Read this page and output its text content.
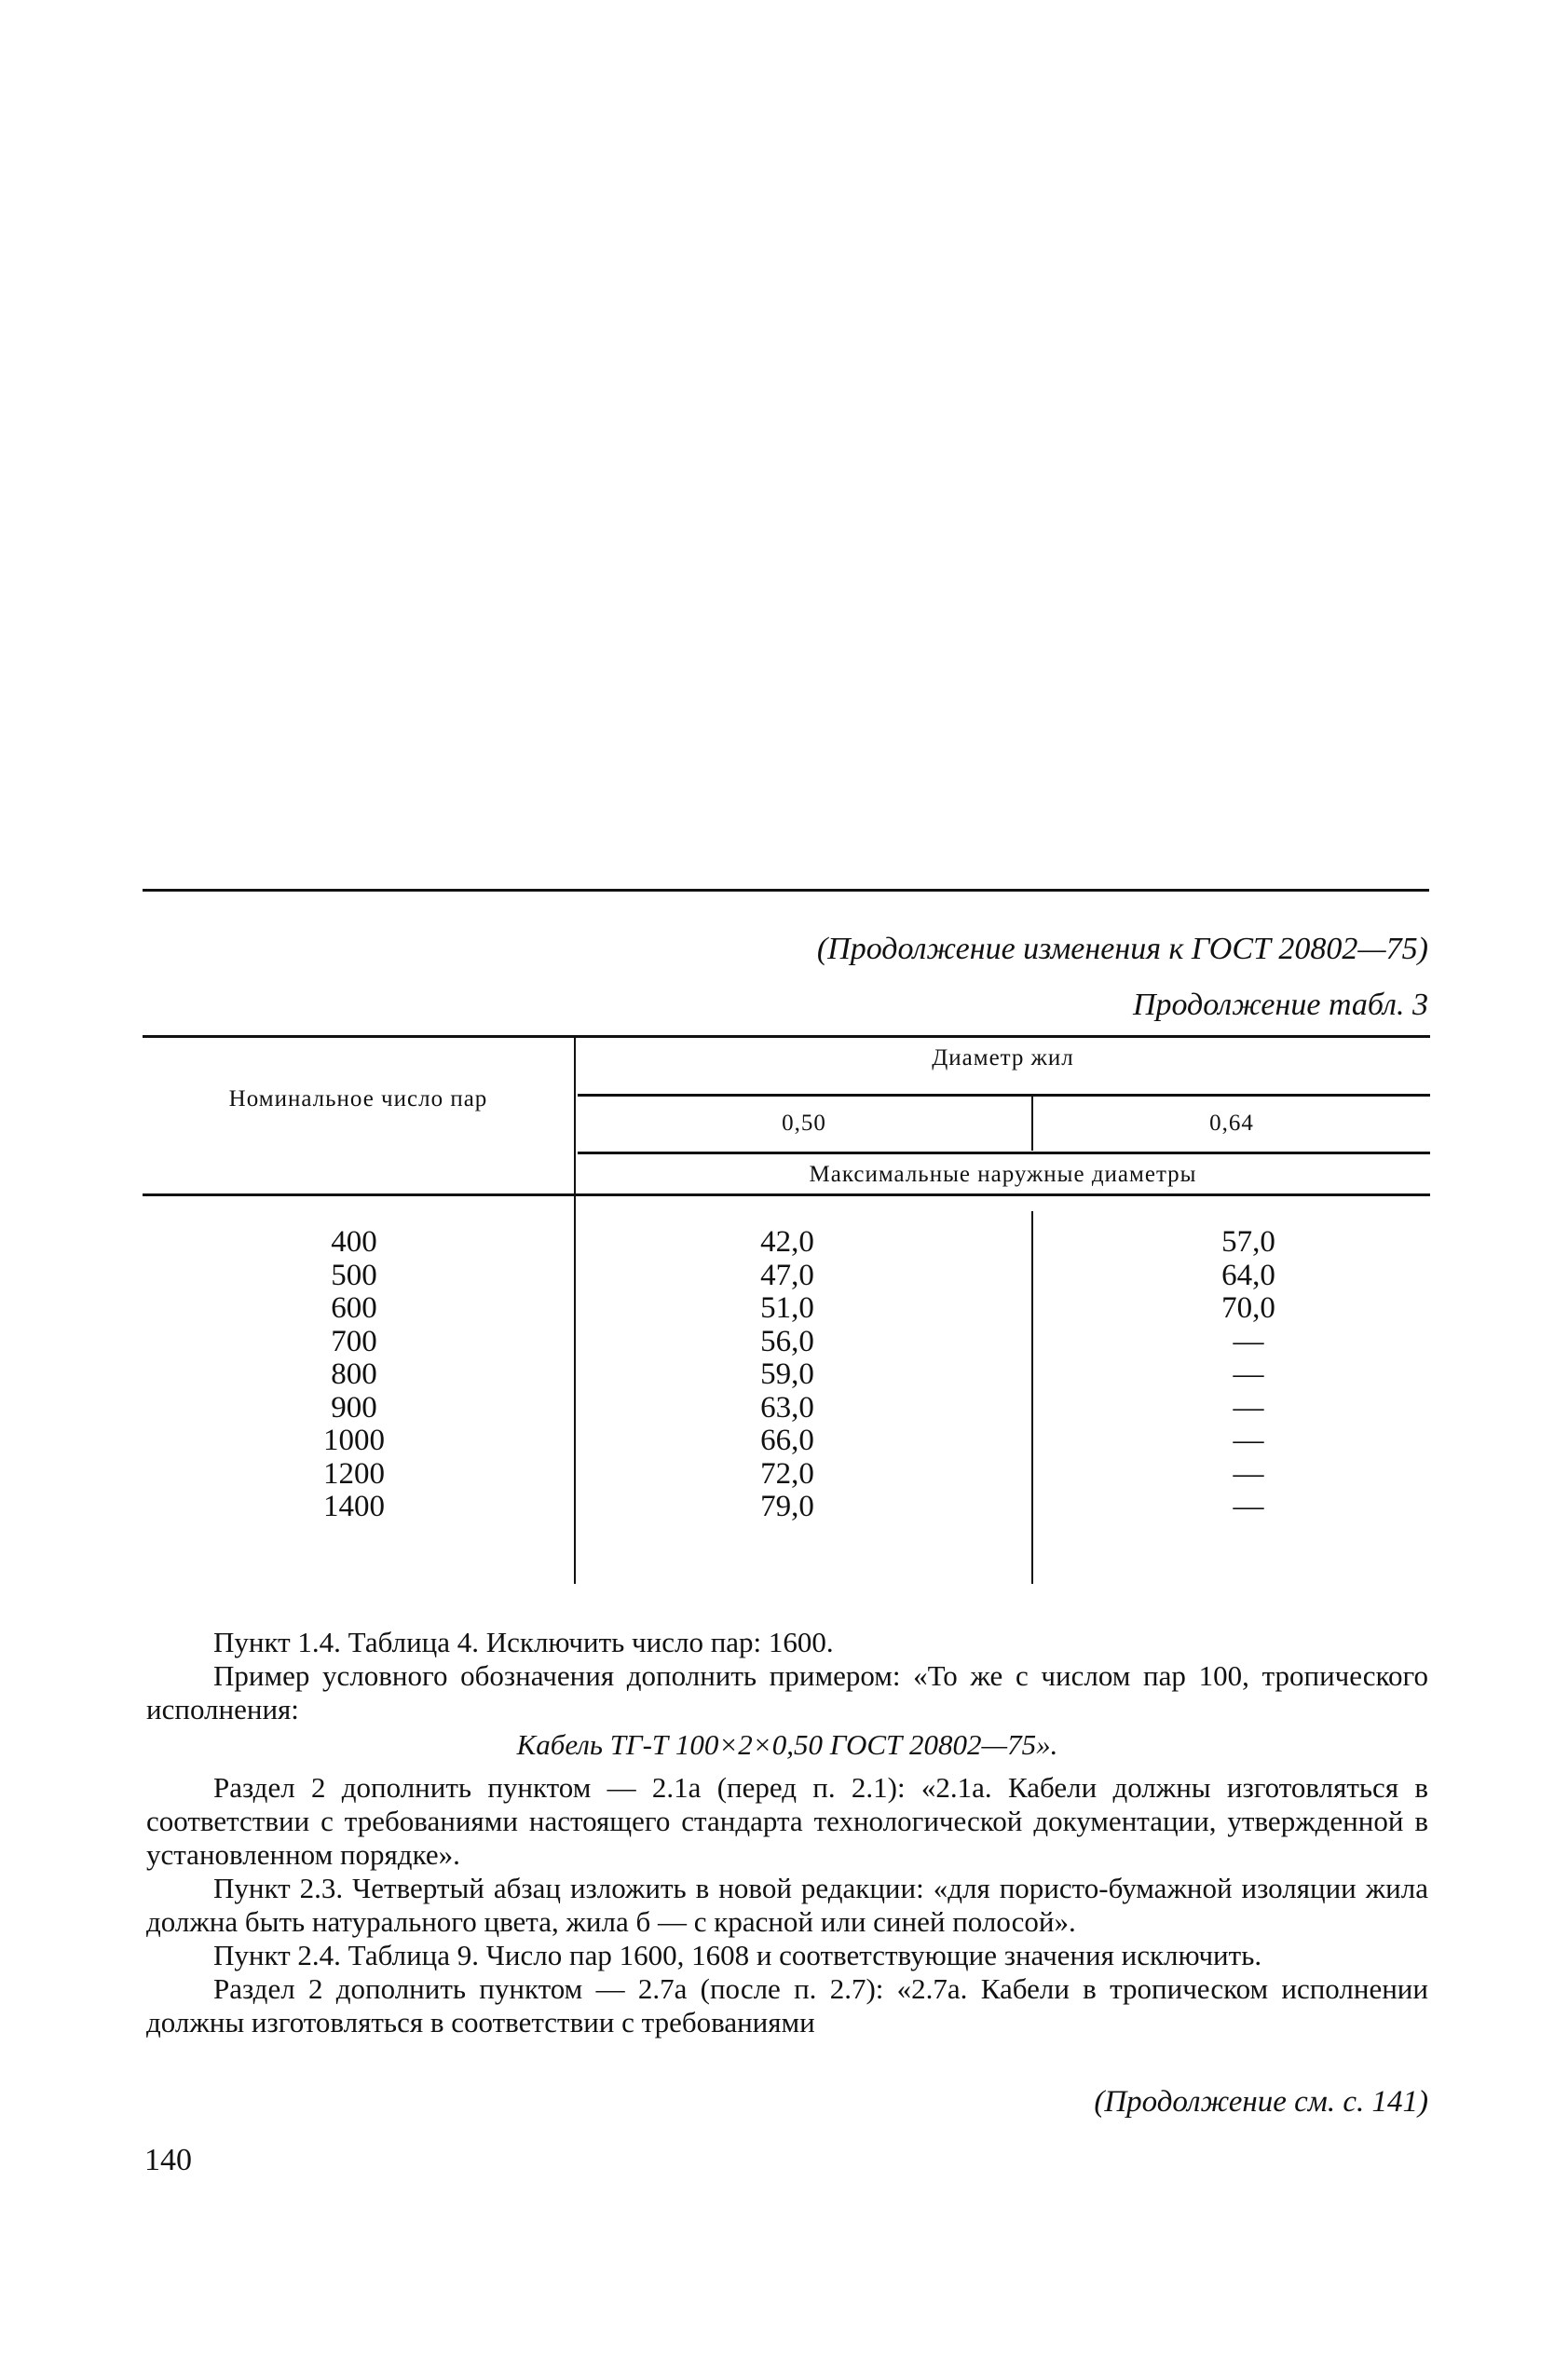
(Продолжение изменения к ГОСТ 20802—75)
Продолжение табл. 3
Номинальное число пар
Диаметр жил
0,50	0,64
Максимальные наружные диаметры
400
500
600
700
800
900
1000
1200
1400
42,0
47,0
51,0
56,0
59,0
63,0
66,0
72,0
79,0
57,0
64,0
70,0
—
—
—
—
—
—

Пункт 1.4. Таблица 4. Исключить число пар: 1600.

Пример условного обозначения дополнить примером: «То же с числом пар 100, тропического исполнения:

Кабель ТГ-Т 100×2×0,50 ГОСТ 20802—75».

Раздел 2 дополнить пунктом — 2.1а (перед п. 2.1): «2.1а. Кабели должны изготовляться в соответствии с требованиями настоящего стандарта технологической документации, утвержденной в установленном порядке».

Пункт 2.3. Четвертый абзац изложить в новой редакции: «для пористо-бумажной изоляции жила должна быть натурального цвета, жила б — с красной или синей полосой».

Пункт 2.4. Таблица 9. Число пар 1600, 1608 и соответствующие значения исключить.

Раздел 2 дополнить пунктом — 2.7а (после п. 2.7): «2.7а. Кабели в тропическом исполнении должны изготовляться в соответствии с требованиями

(Продолжение см. с. 141)
140
